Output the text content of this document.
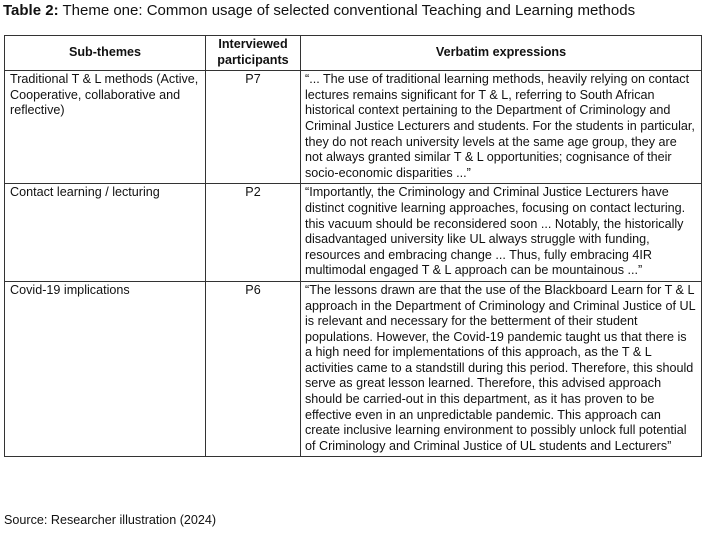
Table 2: Theme one: Common usage of selected conventional Teaching and Learning methods
Sub-themes	Interviewed participants	Verbatim expressions
Traditional T & L methods (Active, Cooperative, collaborative and reflective)	P7	“... The use of traditional learning methods, heavily relying on contact lectures remains significant for T & L, referring to South African historical context pertaining to the Department of Criminology and Criminal Justice Lecturers and students. For the students in particular, they do not reach university levels at the same age group, they are not always granted similar T & L opportunities; cognisance of their socio-economic disparities ...”
Contact learning / lecturing	P2	“Importantly, the Criminology and Criminal Justice Lecturers have distinct cognitive learning approaches, focusing on contact lecturing. this vacuum should be reconsidered soon ... Notably, the historically disadvantaged university like UL always struggle with funding, resources and embracing change ... Thus, fully embracing 4IR multimodal engaged T & L approach can be mountainous ...”
Covid-19 implications	P6	“The lessons drawn are that the use of the Blackboard Learn for T & L approach in the Department of Criminology and Criminal Justice of UL is relevant and necessary for the betterment of their student populations. However, the Covid-19 pandemic taught us that there is a high need for implementations of this approach, as the T & L activities came to a standstill during this period. Therefore, this should serve as great lesson learned. Therefore, this advised approach should be carried-out in this department, as it has proven to be effective even in an unpredictable pandemic. This approach can create inclusive learning environment to possibly unlock full potential of Criminology and Criminal Justice of UL students and Lecturers”
Source: Researcher illustration (2024)
